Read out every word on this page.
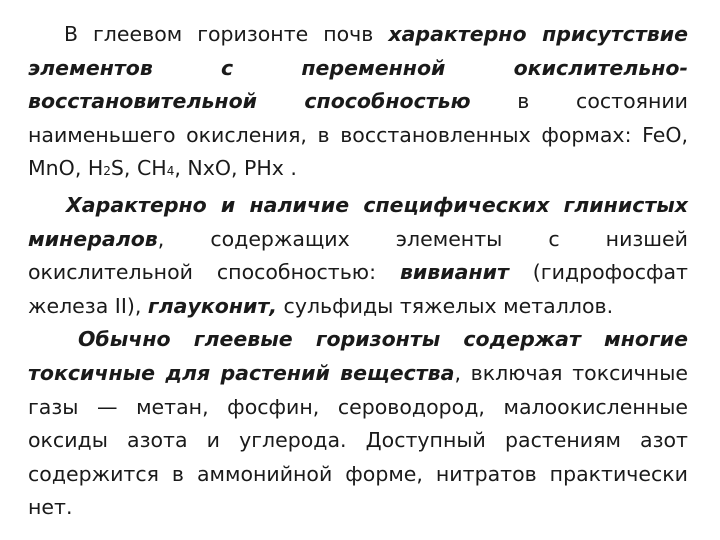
В глеевом горизонте почв характерно присутствие элементов с переменной окислительно-восстановительной способностью в состоянии наименьшего окисления, в восстановленных формах: FeO, MnO, H2S, CH4, NxO, PHx .

Характерно и наличие специфических глинистых минералов, содержащих элементы с низшей окислительной способностью: вивианит (гидрофосфат железа II), глауконит, сульфиды тяжелых металлов.

Обычно глеевые горизонты содержат многие токсичные для растений вещества, включая токсичные газы — метан, фосфин, сероводород, малоокисленные оксиды азота и углерода. Доступный растениям азот содержится в аммонийной форме, нитратов практически нет.
